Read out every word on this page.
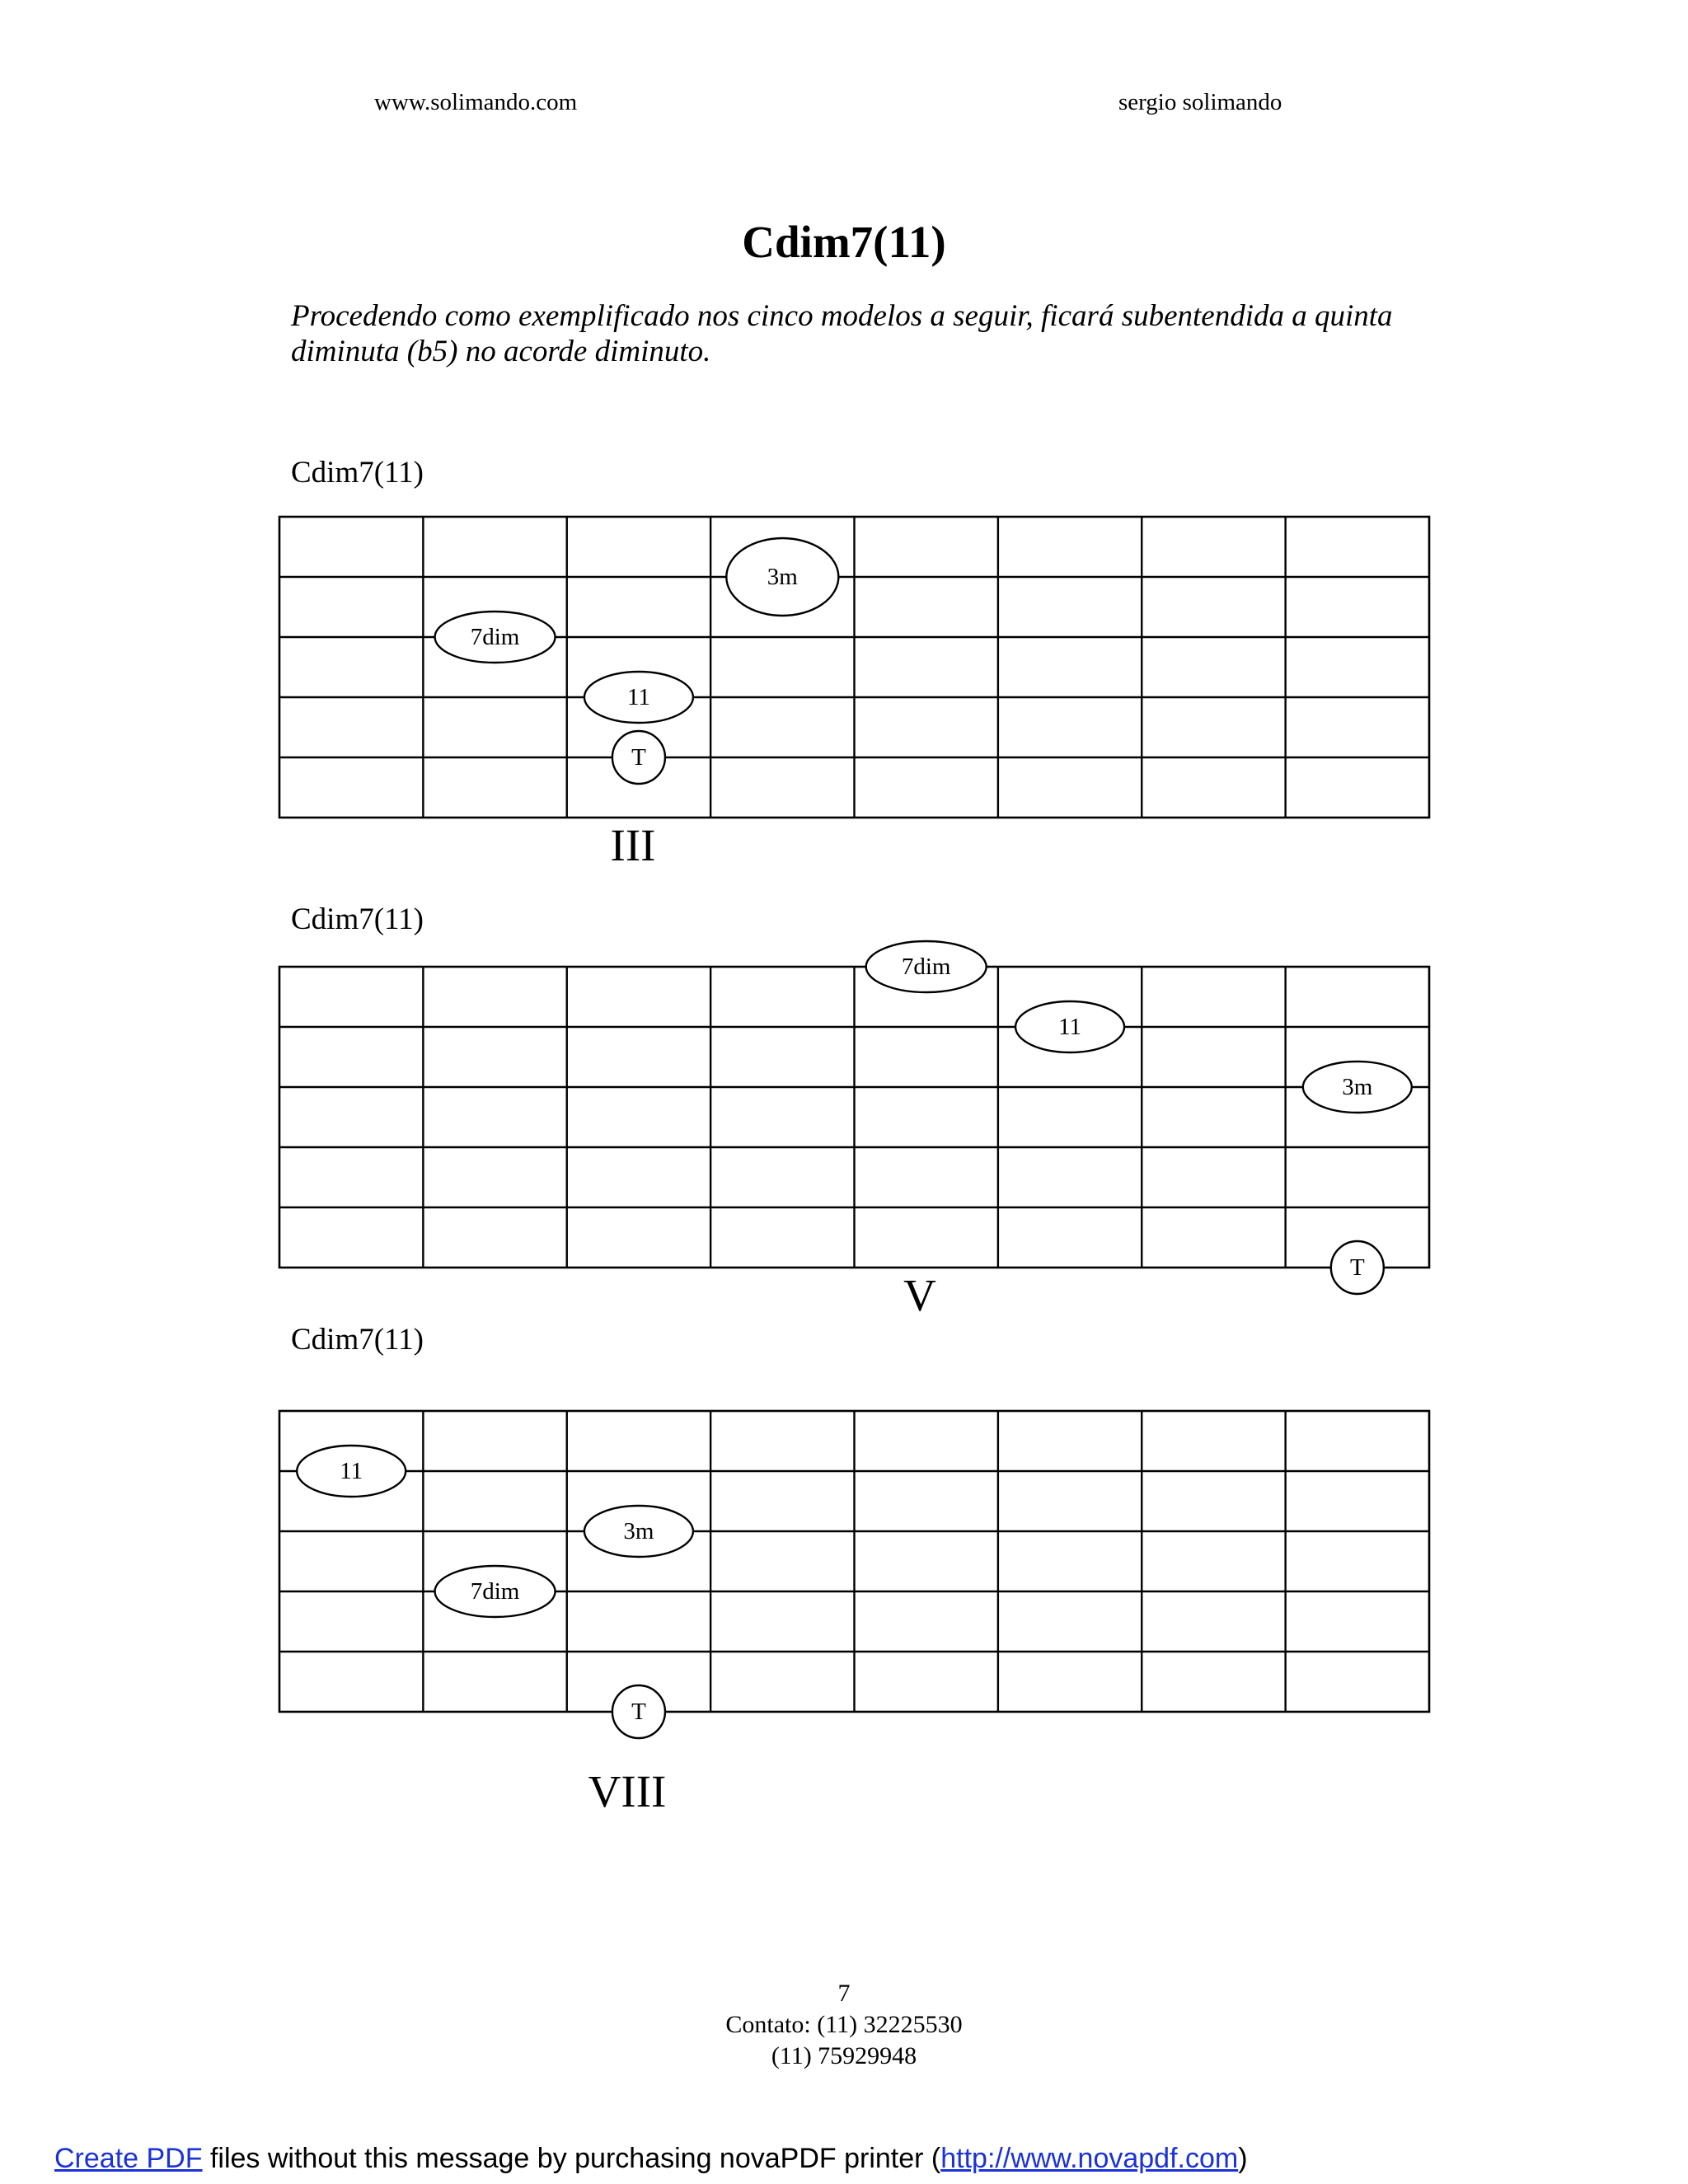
www.solimando.com	sergio solimando
Cdim7(11)
Procedendo como exemplificado nos cinco modelos a seguir, ficará subentendida a quinta diminuta (b5) no acorde diminuto.
Cdim7(11)
3m
7dim
11
T
III
Cdim7(11)
7dim
11
3m
T
V
Cdim7(11)
11
3m
7dim
T
VIII
7
Contato: (11) 32225530
(11) 75929948
Create PDF files without this message by purchasing novaPDF printer (http://www.novapdf.com)
